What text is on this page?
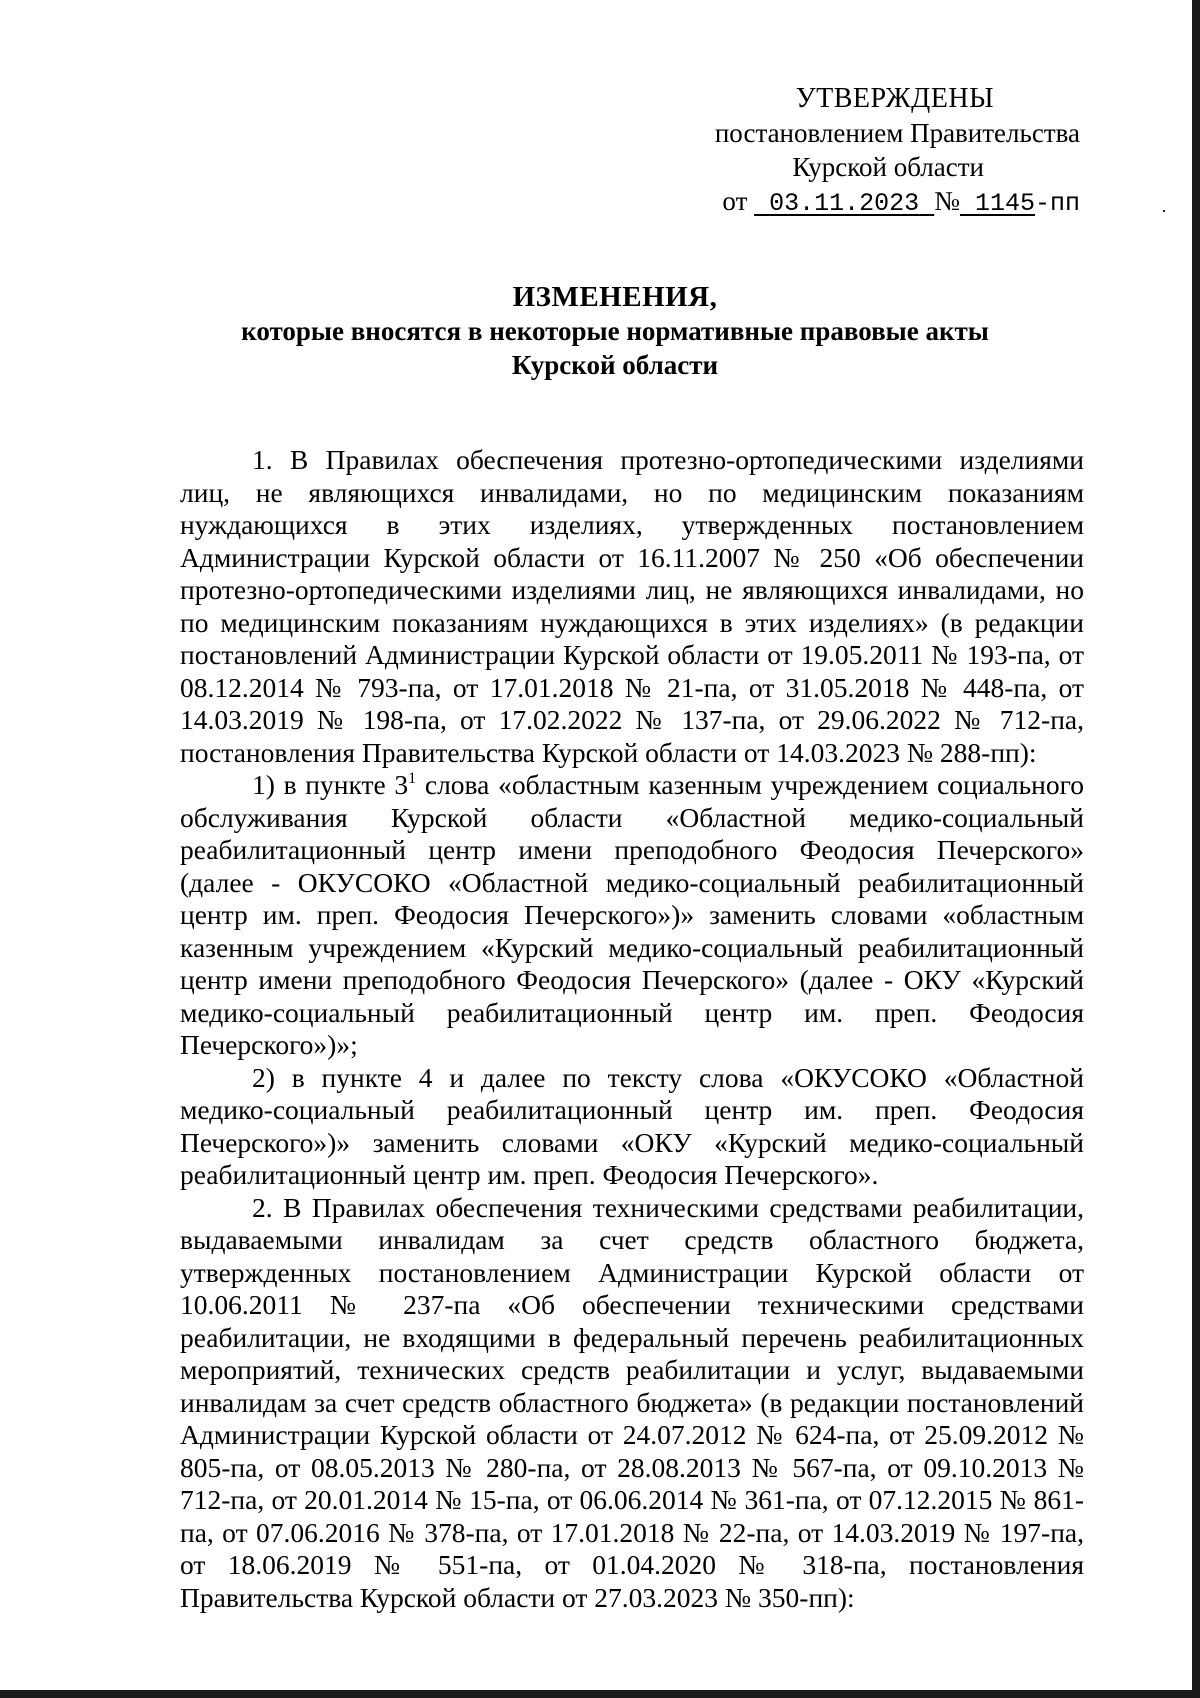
УТВЕРЖДЕНЫ
постановлением Правительства
Курской области
от  03.11.2023 № 1145-пп
ИЗМЕНЕНИЯ,
которые вносятся в некоторые нормативные правовые акты
Курской области

1. В Правилах обеспечения протезно-ортопедическими изделиями лиц, не являющихся инвалидами, но по медицинским показаниям нуждающихся в этих изделиях, утвержденных постановлением Администрации Курской области от 16.11.2007 № 250 «Об обеспечении протезно-ортопедическими изделиями лиц, не являющихся инвалидами, но по медицинским показаниям нуждающихся в этих изделиях» (в редакции постановлений Администрации Курской области от 19.05.2011 № 193-па, от 08.12.2014 № 793-па, от 17.01.2018 № 21-па, от 31.05.2018 № 448-па, от 14.03.2019 № 198-па, от 17.02.2022 № 137-па, от 29.06.2022 № 712-па, постановления Правительства Курской области от 14.03.2023 № 288-пп):

1) в пункте $3^1$ слова «областным казенным учреждением социального обслуживания Курской области «Областной медико-социальный реабилитационный центр имени преподобного Феодосия Печерского» (далее - ОКУСОКО «Областной медико-социальный реабилитационный центр им. преп. Феодосия Печерского»)» заменить словами «областным казенным учреждением «Курский медико-социальный реабилитационный центр имени преподобного Феодосия Печерского» (далее - ОКУ «Курский медико-социальный реабилитационный центр им. преп. Феодосия Печерского»)»;

2) в пункте 4 и далее по тексту слова «ОКУСОКО «Областной медико-социальный реабилитационный центр им. преп. Феодосия Печерского»)» заменить словами «ОКУ «Курский медико-социальный реабилитационный центр им. преп. Феодосия Печерского».

2. В Правилах обеспечения техническими средствами реабилитации, выдаваемыми инвалидам за счет средств областного бюджета, утвержденных постановлением Администрации Курской области от 10.06.2011 № 237-па «Об обеспечении техническими средствами реабилитации, не входящими в федеральный перечень реабилитационных мероприятий, технических средств реабилитации и услуг, выдаваемыми инвалидам за счет средств областного бюджета» (в редакции постановлений Администрации Курской области от 24.07.2012 № 624-па, от 25.09.2012 № 805-па, от 08.05.2013 № 280-па, от 28.08.2013 № 567-па, от 09.10.2013 № 712-па, от 20.01.2014 № 15-па, от 06.06.2014 № 361-па, от 07.12.2015 № 861-па, от 07.06.2016 № 378-па, от 17.01.2018 № 22-па, от 14.03.2019 № 197-па, от 18.06.2019 № 551-па, от 01.04.2020 № 318-па, постановления Правительства Курской области от 27.03.2023 № 350-пп):
